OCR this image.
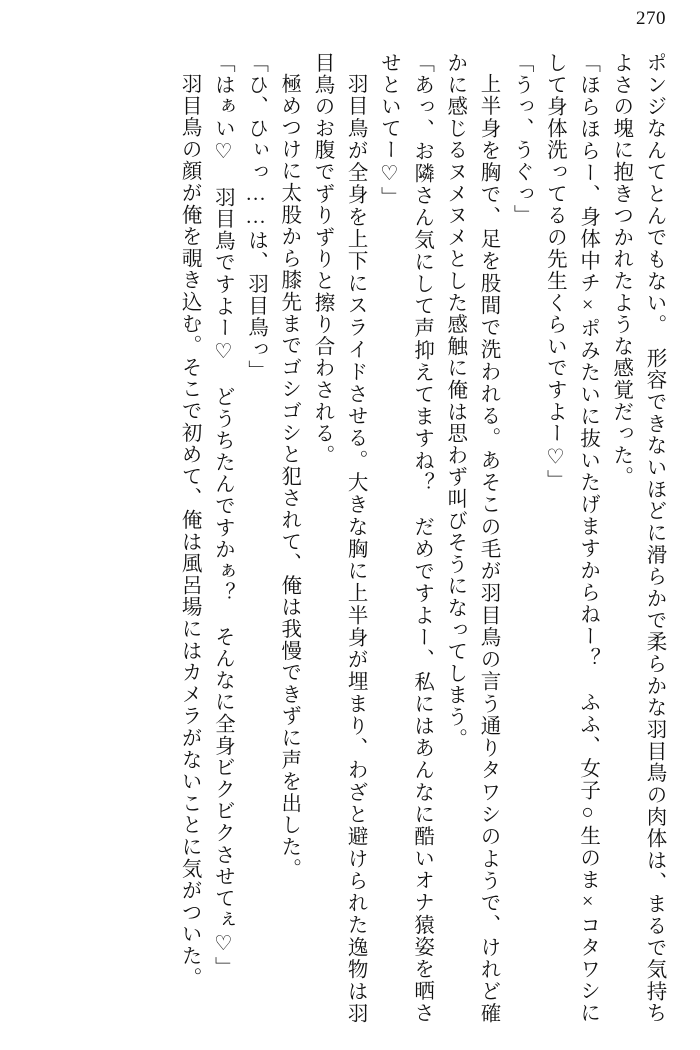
270

ポンジなんてとんでもない。　形容できないほどに滑らかで柔らかな羽目鳥の肉体は、まるで気持ちよさの塊に抱きつかれたような感覚だった。

「ほらほらー、身体中チ×ポみたいに抜いたげますからねー？　ふふ、女子○生のま×コタワシにして身体洗ってるの先生くらいですよー♡」

「うっ、うぐっ」

上半身を胸で、足を股間で洗われる。あそこの毛が羽目鳥の言う通りタワシのようで、けれど確かに感じるヌメヌメとした感触に俺は思わず叫びそうになってしまう。

「あっ、お隣さん気にして声抑えてますね？　だめですよー、私にはあんなに酷いオナ猿姿を晒させといてー♡」

羽目鳥が全身を上下にスライドさせる。大きな胸に上半身が埋まり、わざと避けられた逸物は羽目鳥のお腹でずりずりと擦り合わされる。

極めつけに太股から膝先までゴシゴシと犯されて、俺は我慢できずに声を出した。

「ひ、ひぃっ……は、羽目鳥っ」

「はぁい♡　羽目鳥ですよー♡　どうちたんですかぁ？　そんなに全身ビクビクさせてぇ♡」

羽目鳥の顔が俺を覗き込む。そこで初めて、俺は風呂場にはカメラがないことに気がついた。
